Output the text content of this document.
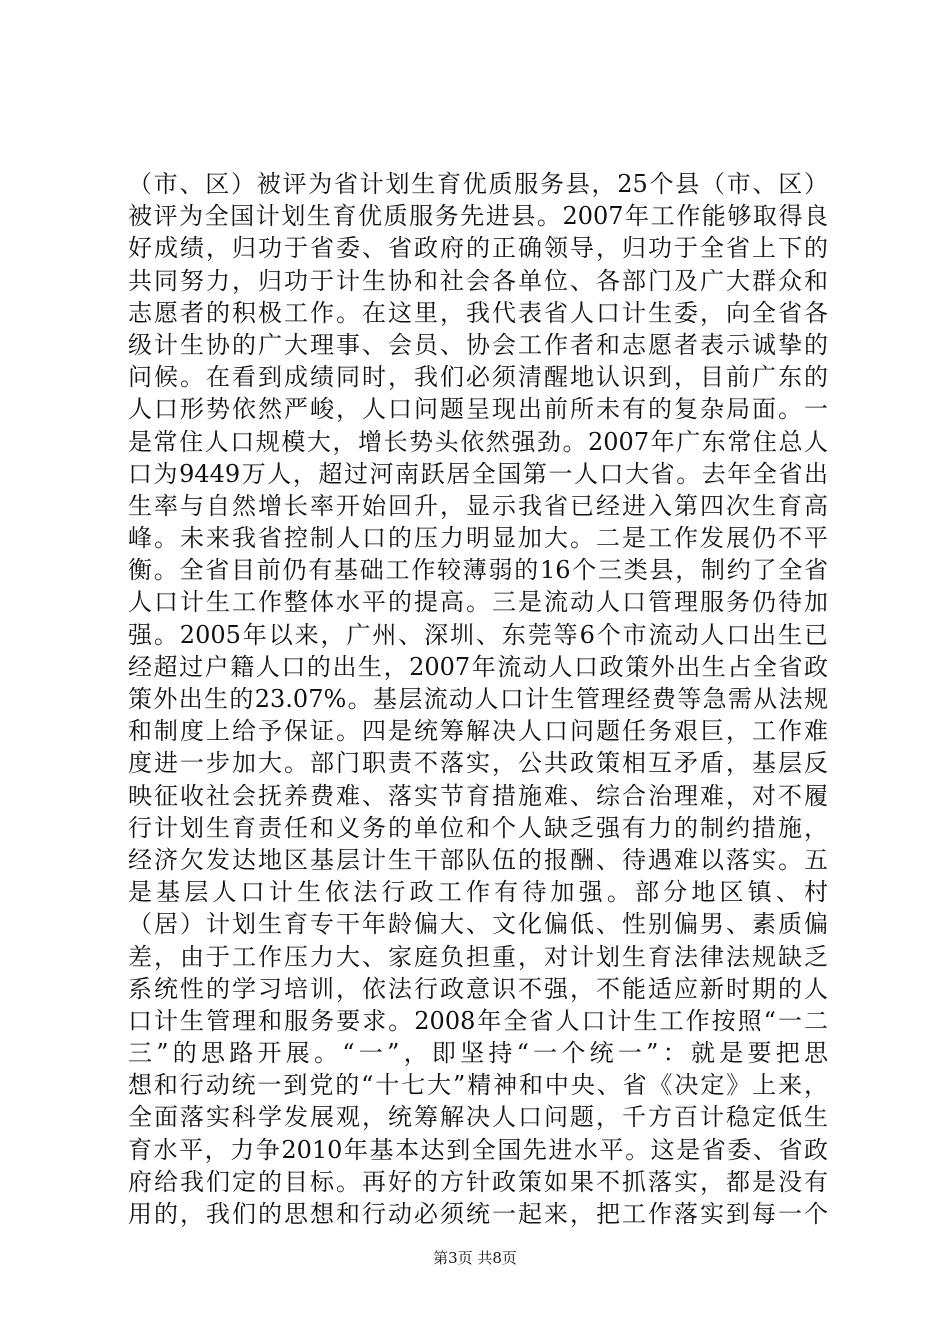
（市、区）被评为省计划生育优质服务县，25个县（市、区）
被评为全国计划生育优质服务先进县。2007年工作能够取得良
好成绩，归功于省委、省政府的正确领导，归功于全省上下的
共同努力，归功于计生协和社会各单位、各部门及广大群众和
志愿者的积极工作。在这里，我代表省人口计生委，向全省各
级计生协的广大理事、会员、协会工作者和志愿者表示诚挚的
问候。在看到成绩同时，我们必须清醒地认识到，目前广东的
人口形势依然严峻，人口问题呈现出前所未有的复杂局面。一
是常住人口规模大，增长势头依然强劲。2007年广东常住总人
口为9449万人，超过河南跃居全国第一人口大省。去年全省出
生率与自然增长率开始回升，显示我省已经进入第四次生育高
峰。未来我省控制人口的压力明显加大。二是工作发展仍不平
衡。全省目前仍有基础工作较薄弱的16个三类县，制约了全省
人口计生工作整体水平的提高。三是流动人口管理服务仍待加
强。2005年以来，广州、深圳、东莞等6个市流动人口出生已
经超过户籍人口的出生，2007年流动人口政策外出生占全省政
策外出生的23.07%。基层流动人口计生管理经费等急需从法规
和制度上给予保证。四是统筹解决人口问题任务艰巨，工作难
度进一步加大。部门职责不落实，公共政策相互矛盾，基层反
映征收社会抚养费难、落实节育措施难、综合治理难，对不履
行计划生育责任和义务的单位和个人缺乏强有力的制约措施，
经济欠发达地区基层计生干部队伍的报酬、待遇难以落实。五
是基层人口计生依法行政工作有待加强。部分地区镇、村
（居）计划生育专干年龄偏大、文化偏低、性别偏男、素质偏
差，由于工作压力大、家庭负担重，对计划生育法律法规缺乏
系统性的学习培训，依法行政意识不强，不能适应新时期的人
口计生管理和服务要求。2008年全省人口计生工作按照“一二
三”的思路开展。“一”，即坚持“一个统一”：就是要把思
想和行动统一到党的“十七大”精神和中央、省《决定》上来，
全面落实科学发展观，统筹解决人口问题，千方百计稳定低生
育水平，力争2010年基本达到全国先进水平。这是省委、省政
府给我们定的目标。再好的方针政策如果不抓落实，都是没有
用的，我们的思想和行动必须统一起来，把工作落实到每一个
第3页 共8页
